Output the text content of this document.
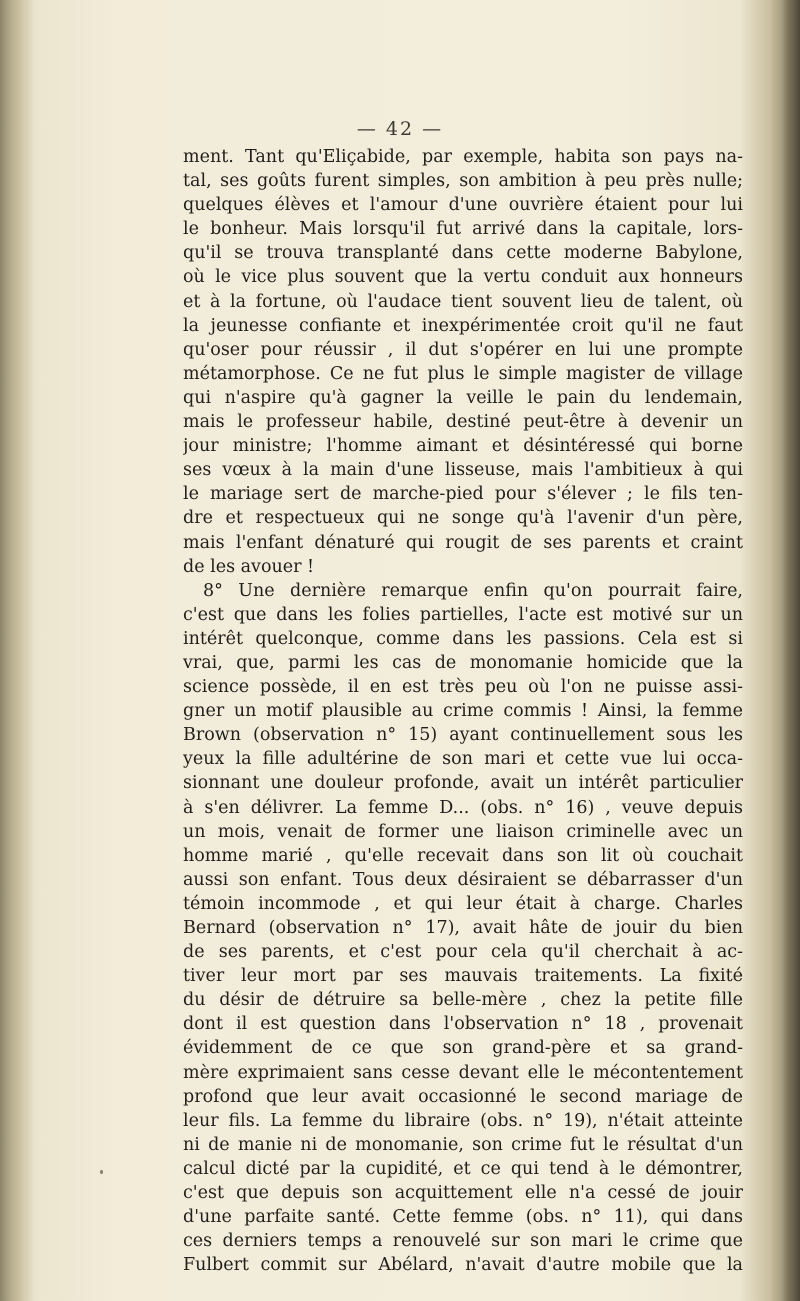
— 42 —
ment. Tant qu'Eliçabide, par exemple, habita son pays na-
tal, ses goûts furent simples, son ambition à peu près nulle;
quelques élèves et l'amour d'une ouvrière étaient pour lui
le bonheur. Mais lorsqu'il fut arrivé dans la capitale, lors-
qu'il se trouva transplanté dans cette moderne Babylone,
où le vice plus souvent que la vertu conduit aux honneurs
et à la fortune, où l'audace tient souvent lieu de talent, où
la jeunesse confiante et inexpérimentée croit qu'il ne faut
qu'oser pour réussir , il dut s'opérer en lui une prompte
métamorphose. Ce ne fut plus le simple magister de village
qui n'aspire qu'à gagner la veille le pain du lendemain,
mais le professeur habile, destiné peut-être à devenir un
jour ministre; l'homme aimant et désintéressé qui borne
ses vœux à la main d'une lisseuse, mais l'ambitieux à qui
le mariage sert de marche-pied pour s'élever ; le fils ten-
dre et respectueux qui ne songe qu'à l'avenir d'un père,
mais l'enfant dénaturé qui rougit de ses parents et craint
de les avouer !
8° Une dernière remarque enfin qu'on pourrait faire,
c'est que dans les folies partielles, l'acte est motivé sur un
intérêt quelconque, comme dans les passions. Cela est si
vrai, que, parmi les cas de monomanie homicide que la
science possède, il en est très peu où l'on ne puisse assi-
gner un motif plausible au crime commis ! Ainsi, la femme
Brown (observation n° 15) ayant continuellement sous les
yeux la fille adultérine de son mari et cette vue lui occa-
sionnant une douleur profonde, avait un intérêt particulier
à s'en délivrer. La femme D... (obs. n° 16) , veuve depuis
un mois, venait de former une liaison criminelle avec un
homme marié , qu'elle recevait dans son lit où couchait
aussi son enfant. Tous deux désiraient se débarrasser d'un
témoin incommode , et qui leur était à charge. Charles
Bernard (observation n° 17), avait hâte de jouir du bien
de ses parents, et c'est pour cela qu'il cherchait à ac-
tiver leur mort par ses mauvais traitements. La fixité
du désir de détruire sa belle-mère , chez la petite fille
dont il est question dans l'observation n° 18 , provenait
évidemment de ce que son grand-père et sa grand-
mère exprimaient sans cesse devant elle le mécontentement
profond que leur avait occasionné le second mariage de
leur fils. La femme du libraire (obs. n° 19), n'était atteinte
ni de manie ni de monomanie, son crime fut le résultat d'un
calcul dicté par la cupidité, et ce qui tend à le démontrer,
c'est que depuis son acquittement elle n'a cessé de jouir
d'une parfaite santé. Cette femme (obs. n° 11), qui dans
ces derniers temps a renouvelé sur son mari le crime que
Fulbert commit sur Abélard, n'avait d'autre mobile que la
